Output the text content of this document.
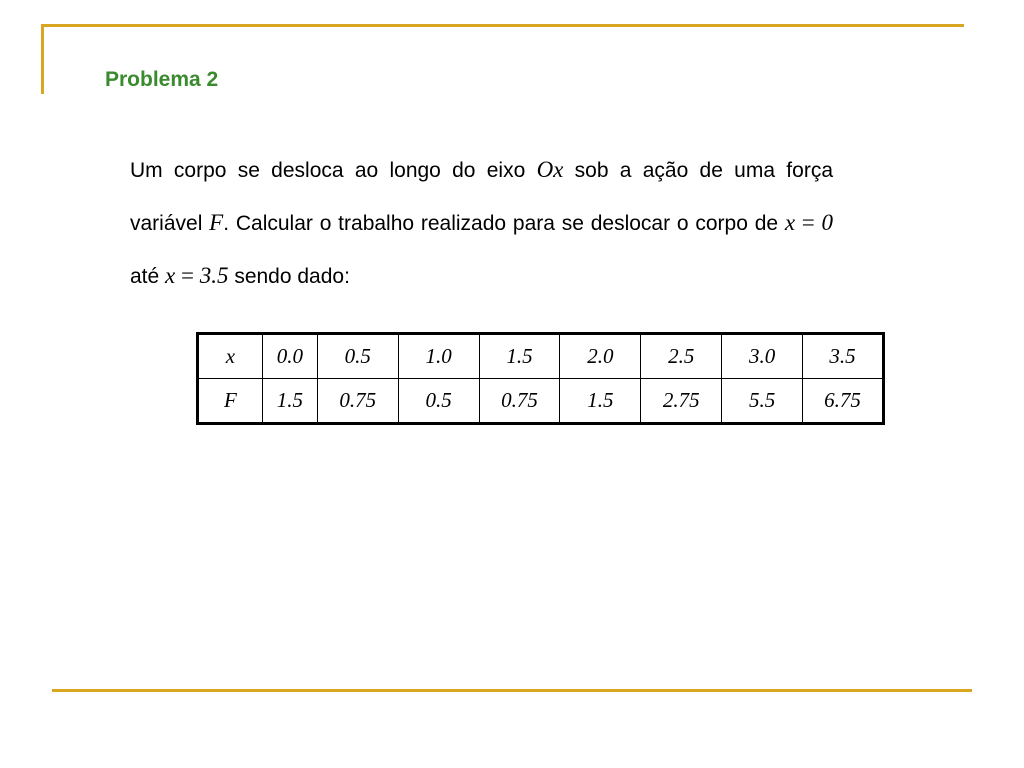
Problema 2

Um corpo se desloca ao longo do eixo Ox sob a ação de uma força variável F. Calcular o trabalho realizado para se deslocar o corpo de x = 0 até x = 3.5 sendo dado:

x	0.0	0.5	1.0	1.5	2.0	2.5	3.0	3.5
F	1.5	0.75	0.5	0.75	1.5	2.75	5.5	6.75
